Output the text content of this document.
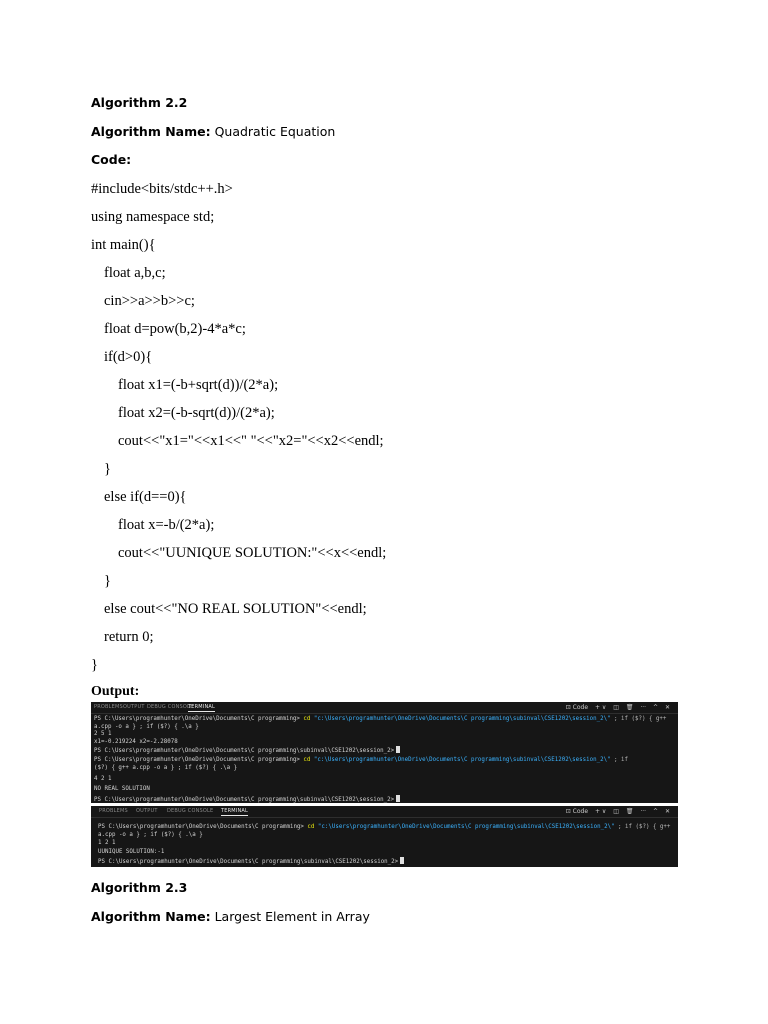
Algorithm 2.2
Algorithm Name: Quadratic Equation
Code:
#include<bits/stdc++.h>
using namespace std;
int main(){
float a,b,c;
cin>>a>>b>>c;
float d=pow(b,2)-4*a*c;
if(d>0){
float x1=(-b+sqrt(d))/(2*a);
float x2=(-b-sqrt(d))/(2*a);
cout<<"x1="<<x1<<" "<<"x2="<<x2<<endl;
}
else if(d==0){
float x=-b/(2*a);
cout<<"UUNIQUE SOLUTION:"<<x<<endl;
}
else cout<<"NO REAL SOLUTION"<<endl;
return 0;
}
Output:
PROBLEMS OUTPUT DEBUG CONSOLE
TERMINAL	⊡ Code + ∨ ◫ 🗑 ··· ^ ✕
PS C:\Users\programhunter\OneDrive\Documents\C programming> cd "c:\Users\programhunter\OneDrive\Documents\C programming\subinval\CSE1202\session_2\" ; if ($?) { g++
a.cpp -o a } ; if ($?) { .\a }
2 5 1
x1=-0.219224 x2=-2.28078
PS C:\Users\programhunter\OneDrive\Documents\C programming\subinval\CSE1202\session_2>
PS C:\Users\programhunter\OneDrive\Documents\C programming> cd "c:\Users\programhunter\OneDrive\Documents\C programming\subinval\CSE1202\session_2\" ; if
($?) { g++ a.cpp -o a } ; if ($?) { .\a }
4 2 1
NO REAL SOLUTION
PS C:\Users\programhunter\OneDrive\Documents\C programming\subinval\CSE1202\session_2>
PROBLEMS OUTPUT DEBUG CONSOLE TERMINAL	⊡ Code + ∨ ◫ 🗑 ··· ^ ✕
PS C:\Users\programhunter\OneDrive\Documents\C programming> cd "c:\Users\programhunter\OneDrive\Documents\C programming\subinval\CSE1202\session_2\" ; if ($?) { g++
a.cpp -o a } ; if ($?) { .\a }
1 2 1
UUNIQUE SOLUTION:-1
PS C:\Users\programhunter\OneDrive\Documents\C programming\subinval\CSE1202\session_2>
Algorithm 2.3
Algorithm Name: Largest Element in Array
